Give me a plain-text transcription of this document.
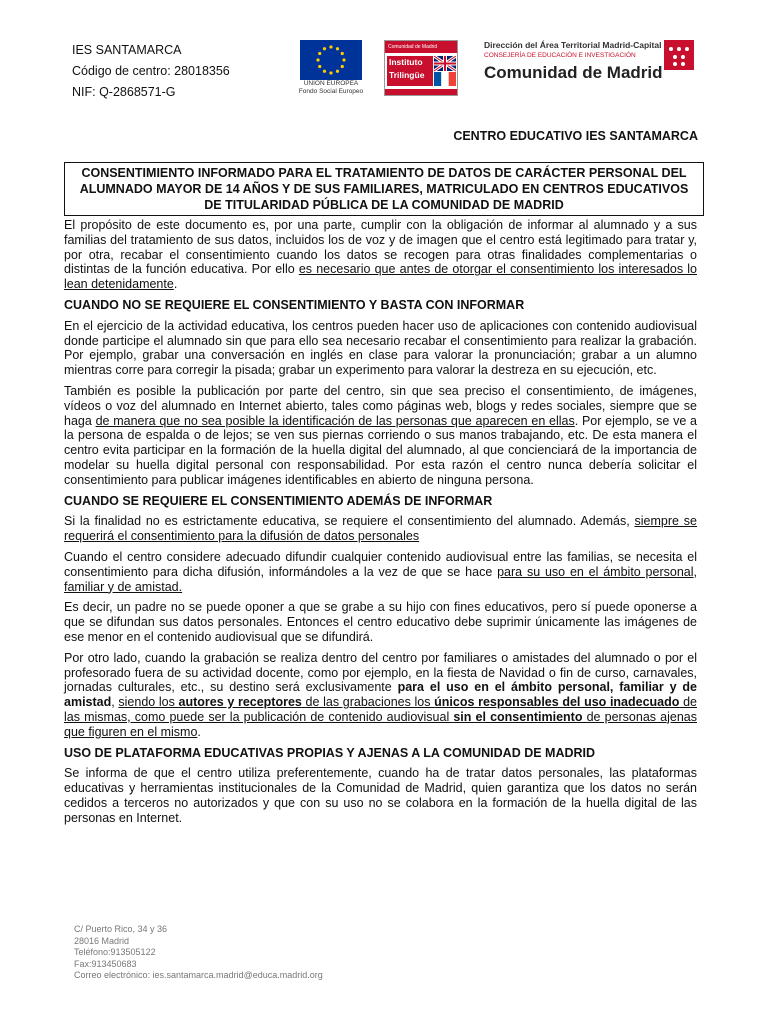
IES SANTAMARCA
Código de centro: 28018356
NIF: Q-2868571-G
UNIÓN EUROPEA
Fondo Social Europeo
Comunidad de Madrid
Instituto Trilingüe
Dirección del Área Territorial Madrid-Capital
CONSEJERÍA DE EDUCACIÓN E INVESTIGACIÓN
Comunidad de Madrid
CENTRO EDUCATIVO IES SANTAMARCA
CONSENTIMIENTO INFORMADO PARA EL TRATAMIENTO DE DATOS DE CARÁCTER PERSONAL DEL ALUMNADO MAYOR DE 14 AÑOS Y DE SUS FAMILIARES, MATRICULADO EN CENTROS EDUCATIVOS DE TITULARIDAD PÚBLICA DE LA COMUNIDAD DE MADRID

El propósito de este documento es, por una parte, cumplir con la obligación de informar al alumnado y a sus familias del tratamiento de sus datos, incluidos los de voz y de imagen que el centro está legitimado para tratar y, por otra, recabar el consentimiento cuando los datos se recogen para otras finalidades complementarias o distintas de la función educativa. Por ello es necesario que antes de otorgar el consentimiento los interesados lo lean detenidamente.

CUANDO NO SE REQUIERE EL CONSENTIMIENTO Y BASTA CON INFORMAR

En el ejercicio de la actividad educativa, los centros pueden hacer uso de aplicaciones con contenido audiovisual donde participe el alumnado sin que para ello sea necesario recabar el consentimiento para realizar la grabación. Por ejemplo, grabar una conversación en inglés en clase para valorar la pronunciación; grabar a un alumno mientras corre para corregir la pisada; grabar un experimento para valorar la destreza en su ejecución, etc.

También es posible la publicación por parte del centro, sin que sea preciso el consentimiento, de imágenes, vídeos o voz del alumnado en Internet abierto, tales como páginas web, blogs y redes sociales, siempre que se haga de manera que no sea posible la identificación de las personas que aparecen en ellas. Por ejemplo, se ve a la persona de espalda o de lejos; se ven sus piernas corriendo o sus manos trabajando, etc. De esta manera el centro evita participar en la formación de la huella digital del alumnado, al que concienciará de la importancia de modelar su huella digital personal con responsabilidad. Por esta razón el centro nunca debería solicitar el consentimiento para publicar imágenes identificables en abierto de ninguna persona.

CUANDO SE REQUIERE EL CONSENTIMIENTO ADEMÁS DE INFORMAR

Si la finalidad no es estrictamente educativa, se requiere el consentimiento del alumnado. Además, siempre se requerirá el consentimiento para la difusión de datos personales

Cuando el centro considere adecuado difundir cualquier contenido audiovisual entre las familias, se necesita el consentimiento para dicha difusión, informándoles a la vez de que se hace para su uso en el ámbito personal, familiar y de amistad.

Es decir, un padre no se puede oponer a que se grabe a su hijo con fines educativos, pero sí puede oponerse a que se difundan sus datos personales. Entonces el centro educativo debe suprimir únicamente las imágenes de ese menor en el contenido audiovisual que se difundirá.

Por otro lado, cuando la grabación se realiza dentro del centro por familiares o amistades del alumnado o por el profesorado fuera de su actividad docente, como por ejemplo, en la fiesta de Navidad o fin de curso, carnavales, jornadas culturales, etc., su destino será exclusivamente para el uso en el ámbito personal, familiar y de amistad, siendo los autores y receptores de las grabaciones los únicos responsables del uso inadecuado de las mismas, como puede ser la publicación de contenido audiovisual sin el consentimiento de personas ajenas que figuren en el mismo.

USO DE PLATAFORMA EDUCATIVAS PROPIAS Y AJENAS A LA COMUNIDAD DE MADRID

Se informa de que el centro utiliza preferentemente, cuando ha de tratar datos personales, las plataformas educativas y herramientas institucionales de la Comunidad de Madrid, quien garantiza que los datos no serán cedidos a terceros no autorizados y que con su uso no se colabora en la formación de la huella digital de las personas en Internet.

C/ Puerto Rico, 34 y 36
28016 Madrid
Teléfono:913505122
Fax:913450683
Correo electrónico: ies.santamarca.madrid@educa.madrid.org
